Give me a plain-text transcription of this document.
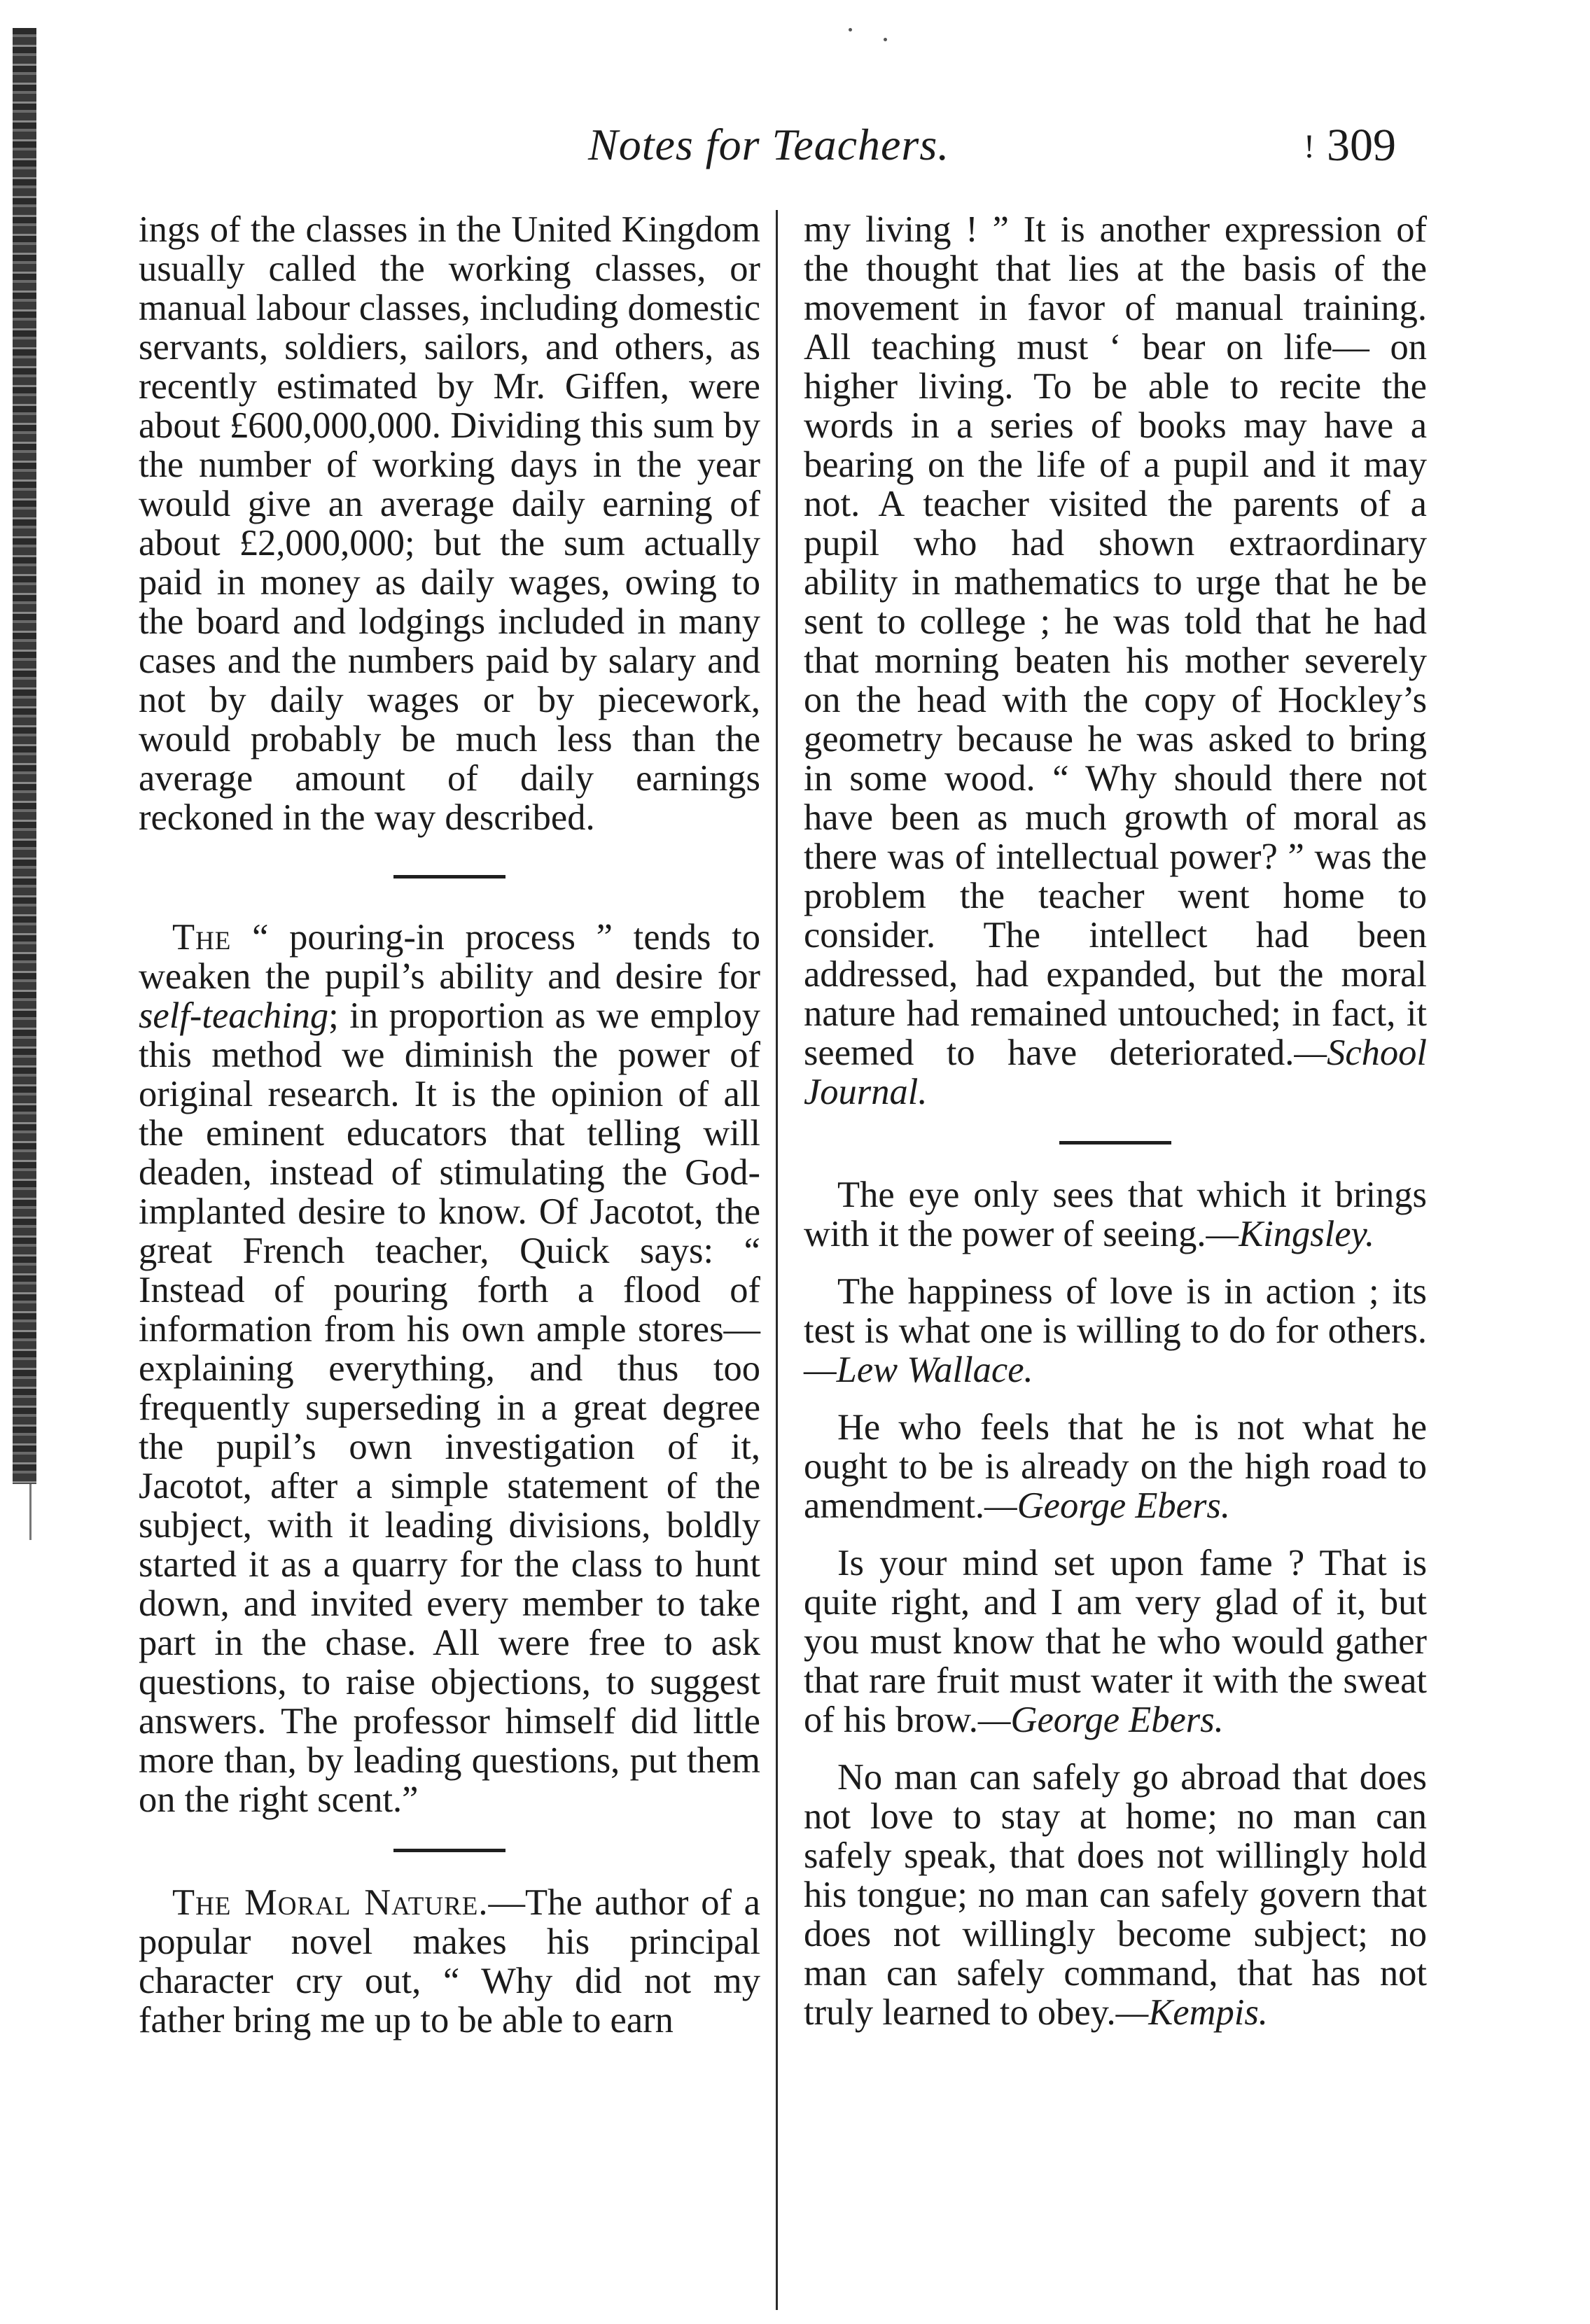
Notes for Teachers.	! 309

ings of the classes in the United Kingdom usually called the working classes, or manual labour classes, including domestic servants, soldiers, sailors, and others, as recently estimated by Mr. Giffen, were about £600,000,000. Dividing this sum by the number of working days in the year would give an average daily earning of about £2,000,000; but the sum actually paid in money as daily wages, owing to the board and lodgings included in many cases and the numbers paid by salary and not by daily wages or by piecework, would probably be much less than the average amount of daily earnings reckoned in the way described.

The “ pouring-in process ” tends to weaken the pupil’s ability and desire for self-teaching; in proportion as we employ this method we diminish the power of original research. It is the opinion of all the eminent educators that telling will deaden, instead of stimulating the God-implanted desire to know. Of Jacotot, the great French teacher, Quick says: “ Instead of pouring forth a flood of information from his own ample stores—explaining everything, and thus too frequently superseding in a great degree the pupil’s own investigation of it, Jacotot, after a simple statement of the subject, with it leading divisions, boldly started it as a quarry for the class to hunt down, and invited every member to take part in the chase. All were free to ask questions, to raise objections, to suggest answers. The professor himself did little more than, by leading questions, put them on the right scent.”

The Moral Nature.—The author of a popular novel makes his principal character cry out, “ Why did not my father bring me up to be able to earn

my living ! ” It is another expression of the thought that lies at the basis of the movement in favor of manual training. All teaching must ‘ bear on life— on higher living. To be able to recite the words in a series of books may have a bearing on the life of a pupil and it may not. A teacher visited the parents of a pupil who had shown extraordinary ability in mathematics to urge that he be sent to college ; he was told that he had that morning beaten his mother severely on the head with the copy of Hockley’s geometry because he was asked to bring in some wood. “ Why should there not have been as much growth of moral as there was of intellectual power? ” was the problem the teacher went home to consider. The intellect had been addressed, had expanded, but the moral nature had remained untouched; in fact, it seemed to have deteriorated.—School Journal.

The eye only sees that which it brings with it the power of seeing.—Kingsley.

The happiness of love is in action ; its test is what one is willing to do for others.—Lew Wallace.

He who feels that he is not what he ought to be is already on the high road to amendment.—George Ebers.

Is your mind set upon fame ? That is quite right, and I am very glad of it, but you must know that he who would gather that rare fruit must water it with the sweat of his brow.—George Ebers.

No man can safely go abroad that does not love to stay at home; no man can safely speak, that does not willingly hold his tongue; no man can safely govern that does not willingly become subject; no man can safely command, that has not truly learned to obey.—Kempis.
